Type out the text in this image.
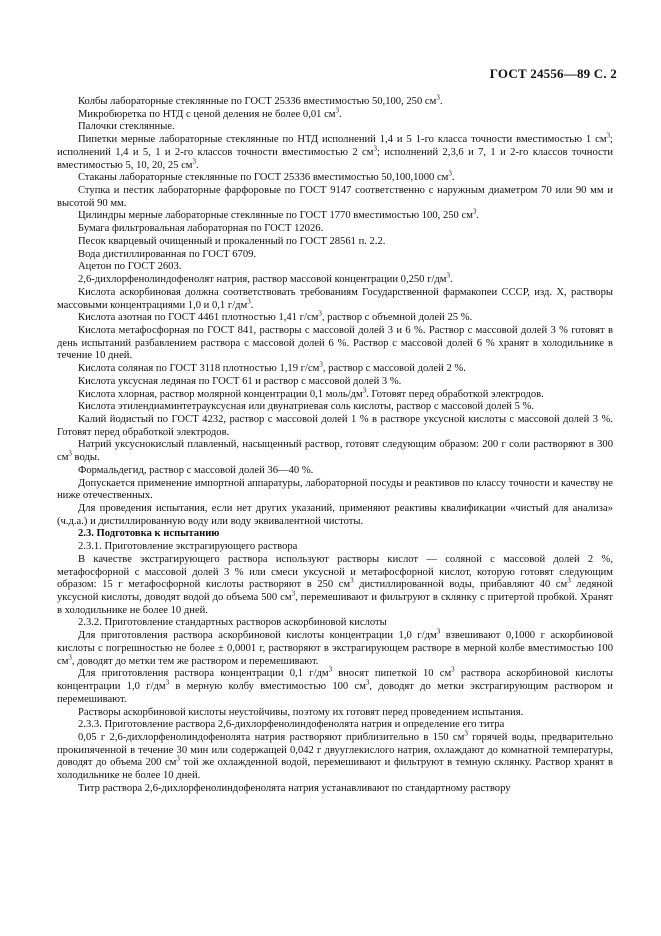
ГОСТ 24556—89 С. 2

Колбы лабораторные стеклянные по ГОСТ 25336 вместимостью 50,100, 250 $см^3$.

Микробюретка по НТД с ценой деления не более 0,01 $см^3$.

Палочки стеклянные.

Пипетки мерные лабораторные стеклянные по НТД исполнений 1,4 и 5 1-го класса точности вместимостью 1 $см^3$; исполнений 1,4 и 5, 1 и 2-го классов точности вместимостью 2 $см^3$; исполнений 2,3,6 и 7, 1 и 2-го классов точности вместимостью 5, 10, 20, 25 $см^3$.

Стаканы лабораторные стеклянные по ГОСТ 25336 вместимостью 50,100,1000 $см^3$.

Ступка и пестик лабораторные фарфоровые по ГОСТ 9147 соответственно с наружным диаметром 70 или 90 мм и высотой 90 мм.

Цилиндры мерные лабораторные стеклянные по ГОСТ 1770 вместимостью 100, 250 $см^3$.

Бумага фильтровальная лабораторная по ГОСТ 12026.

Песок кварцевый очищенный и прокаленный по ГОСТ 28561 п. 2.2.

Вода дистиллированная по ГОСТ 6709.

Ацетон по ГОСТ 2603.

2,6-дихлорфенолиндофенолят натрия, раствор массовой концентрации 0,250 $г/дм^3$.

Кислота аскорбиновая должна соответствовать требованиям Государственной фармакопеи СССР, изд. X, растворы массовыми концентрациями 1,0 и 0,1 $г/дм^3$.

Кислота азотная по ГОСТ 4461 плотностью 1,41 $г/см^3$, раствор с объемной долей 25 %.

Кислота метафосфорная по ГОСТ 841, растворы с массовой долей 3 и 6 %. Раствор с массовой долей 3 % готовят в день испытаний разбавлением раствора с массовой долей 6 %. Раствор с массовой долей 6 % хранят в холодильнике в течение 10 дней.

Кислота соляная по ГОСТ 3118 плотностью 1,19 $г/см^3$, раствор с массовой долей 2 %.

Кислота уксусная ледяная по ГОСТ 61 и раствор с массовой долей 3 %.

Кислота хлорная, раствор молярной концентрации 0,1 моль/$дм^3$. Готовят перед обработкой электродов.

Кислота этилендиаминтетрауксусная или двунатриевая соль кислоты, раствор с массовой долей 5 %.

Калий йодистый по ГОСТ 4232, раствор с массовой долей 1 % в растворе уксусной кислоты с массовой долей 3 %. Готовят перед обработкой электродов.

Натрий уксуснокислый плавленый, насыщенный раствор, готовят следующим образом: 200 г соли растворяют в 300 $см^3$ воды.

Формальдегид, раствор с массовой долей 36—40 %.

Допускается применение импортной аппаратуры, лабораторной посуды и реактивов по классу точности и качеству не ниже отечественных.

Для проведения испытания, если нет других указаний, применяют реактивы квалификации «чистый для анализа» (ч.д.а.) и дистиллированную воду или воду эквивалентной чистоты.

2.3. Подготовка к испытанию

2.3.1. Приготовление экстрагирующего раствора

В качестве экстрагирующего раствора используют растворы кислот — соляной с массовой долей 2 %, метафосфорной с массовой долей 3 % или смеси уксусной и метафосфорной кислот, которую готовят следующим образом: 15 г метафосфорной кислоты растворяют в 250 $см^3$ дистиллированной воды, прибавляют 40 $см^3$ ледяной уксусной кислоты, доводят водой до объема 500 $см^3$, перемешивают и фильтруют в склянку с притертой пробкой. Хранят в холодильнике не более 10 дней.

2.3.2. Приготовление стандартных растворов аскорбиновой кислоты

Для приготовления раствора аскорбиновой кислоты концентрации 1,0 $г/дм^3$ взвешивают 0,1000 г аскорбиновой кислоты с погрешностью не более ± 0,0001 г, растворяют в экстрагирующем растворе в мерной колбе вместимостью 100 $см^3$, доводят до метки тем же раствором и перемешивают.

Для приготовления раствора концентрации 0,1 $г/дм^3$ вносят пипеткой 10 $см^3$ раствора аскорбиновой кислоты концентрации 1,0 $г/дм^3$ в мерную колбу вместимостью 100 $см^3$, доводят до метки экстрагирующим раствором и перемешивают.

Растворы аскорбиновой кислоты неустойчивы, поэтому их готовят перед проведением испытания.

2.3.3. Приготовление раствора 2,6-дихлорфенолиндофенолята натрия и определение его титра

0,05 г 2,6-дихлорфенолиндофенолята натрия растворяют приблизительно в 150 $см^3$ горячей воды, предварительно прокипяченной в течение 30 мин или содержащей 0,042 г двууглекислого натрия, охлаждают до комнатной температуры, доводят до объема 200 $см^3$ той же охлажденной водой, перемешивают и фильтруют в темную склянку. Раствор хранят в холодильнике не более 10 дней.

Титр раствора 2,6-дихлорфенолиндофенолята натрия устанавливают по стандартному раствору
